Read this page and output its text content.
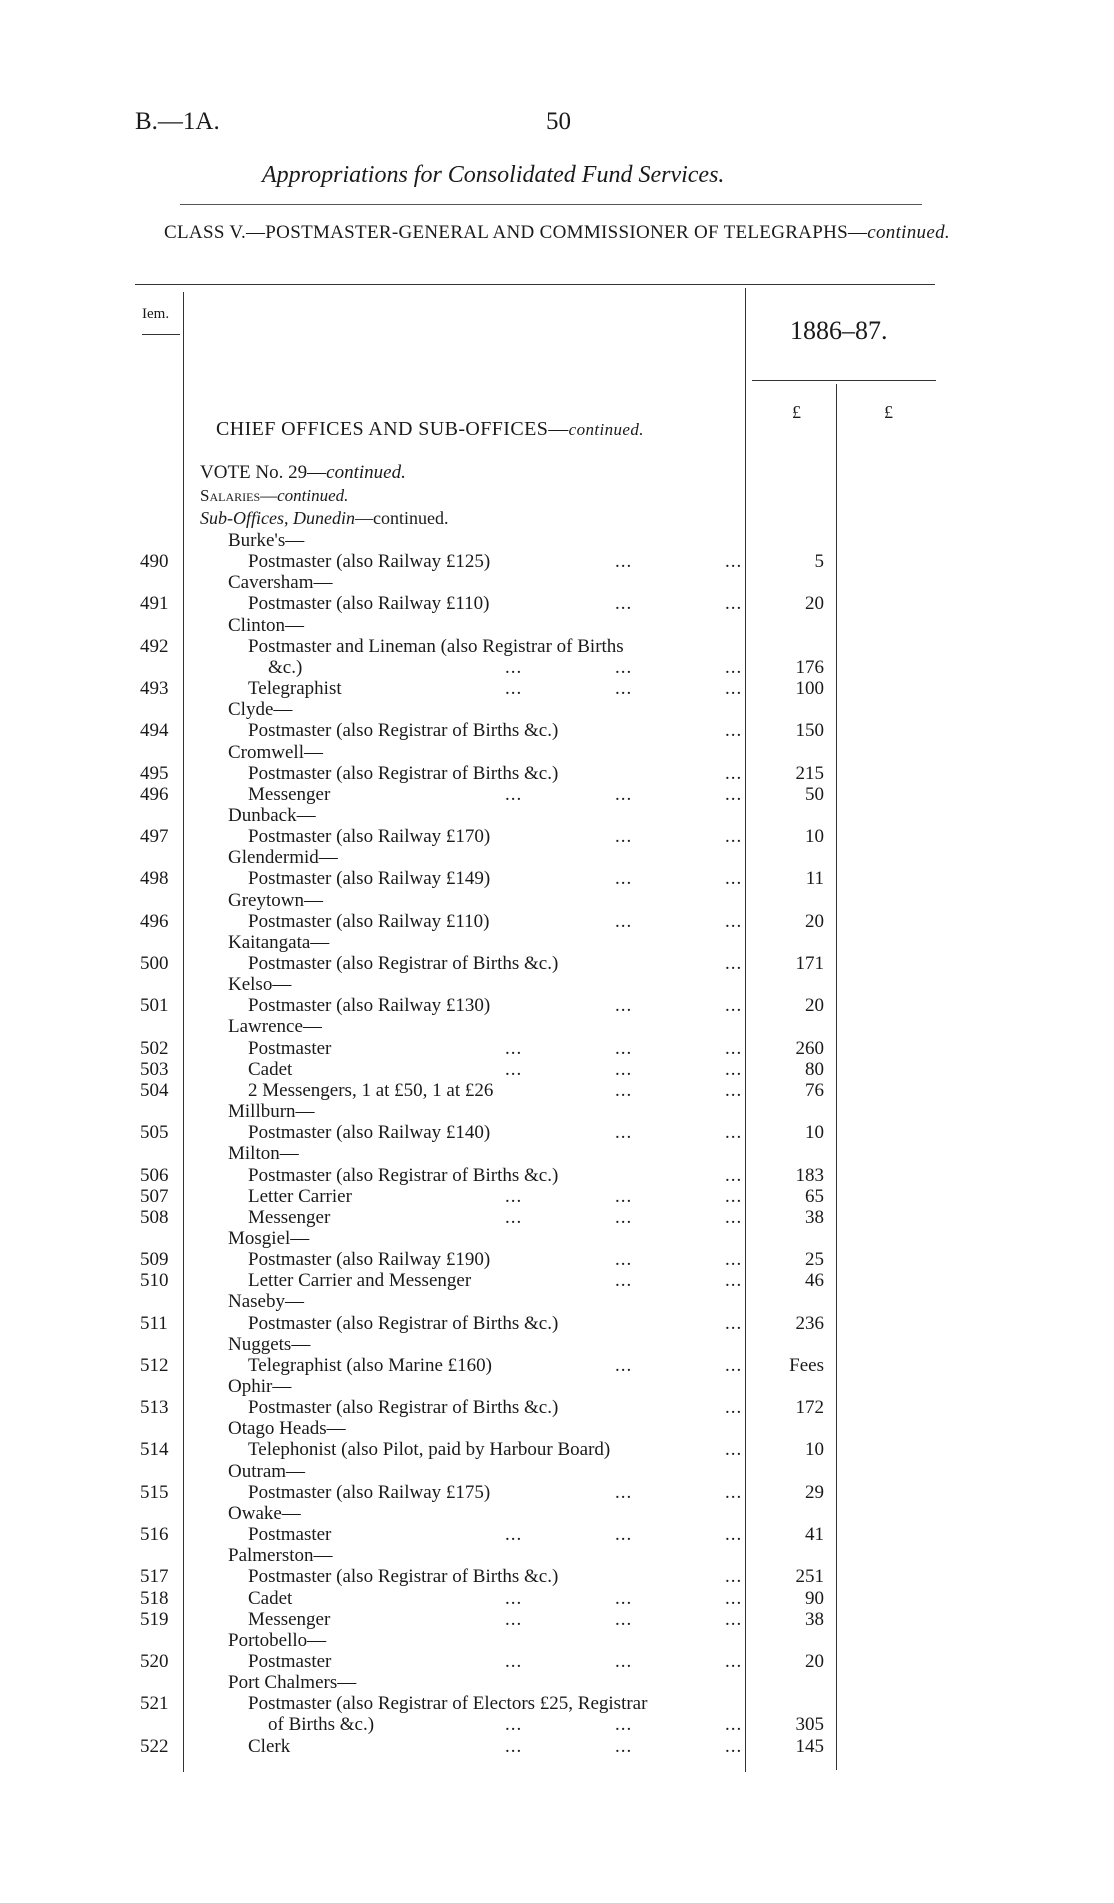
B.—1A.	50
Appropriations for Consolidated Fund Services.
CLASS V.—POSTMASTER-GENERAL AND COMMISSIONER OF TELEGRAPHS—continued.
Iem.
1886–87.
£	£
CHIEF OFFICES AND SUB-OFFICES—continued.
VOTE No. 29—continued.
Salaries—continued.
Sub-Offices, Dunedin—continued.
Burke's—
490	Postmaster (also Railway £125)	...	...	5
Caversham—
491	Postmaster (also Railway £110)	...	...	20
Clinton—
492	Postmaster and Lineman (also Registrar of Births
&c.)	...	...	...	176
493	Telegraphist	...	...	...	100
Clyde—
494	Postmaster (also Registrar of Births &c.)	...	150
Cromwell—
495	Postmaster (also Registrar of Births &c.)	...	215
496	Messenger	...	...	...	50
Dunback—
497	Postmaster (also Railway £170)	...	...	10
Glendermid—
498	Postmaster (also Railway £149)	...	...	11
Greytown—
496	Postmaster (also Railway £110)	...	...	20
Kaitangata—
500	Postmaster (also Registrar of Births &c.)	...	171
Kelso—
501	Postmaster (also Railway £130)	...	...	20
Lawrence—
502	Postmaster	...	...	...	260
503	Cadet	...	...	...	80
504	2 Messengers, 1 at £50, 1 at £26	...	...	76
Millburn—
505	Postmaster (also Railway £140)	...	...	10
Milton—
506	Postmaster (also Registrar of Births &c.)	...	183
507	Letter Carrier	...	...	...	65
508	Messenger	...	...	...	38
Mosgiel—
509	Postmaster (also Railway £190)	...	...	25
510	Letter Carrier and Messenger	...	...	46
Naseby—
511	Postmaster (also Registrar of Births &c.)	...	236
Nuggets—
512	Telegraphist (also Marine £160)	...	...	Fees
Ophir—
513	Postmaster (also Registrar of Births &c.)	...	172
Otago Heads—
514	Telephonist (also Pilot, paid by Harbour Board)	...	10
Outram—
515	Postmaster (also Railway £175)	...	...	29
Owake—
516	Postmaster	...	...	...	41
Palmerston—
517	Postmaster (also Registrar of Births &c.)	...	251
518	Cadet	...	...	...	90
519	Messenger	...	...	...	38
Portobello—
520	Postmaster	...	...	...	20
Port Chalmers—
521	Postmaster (also Registrar of Electors £25, Registrar
of Births &c.)	...	...	...	305
522	Clerk	...	...	...	145
